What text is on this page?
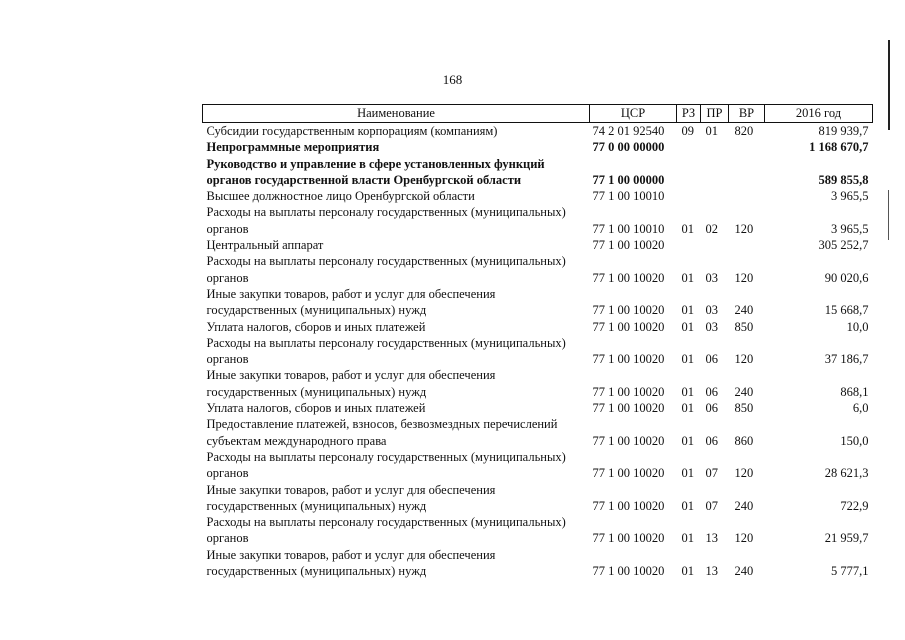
168
Наименование	ЦСР	РЗ	ПР	ВР	2016 год
Субсидии государственным корпорациям (компаниям)	74 2 01 92540	09	01	820	819 939,7
Непрограммные мероприятия	77 0 00 00000				1 168 670,7
Руководство и управление в сфере установленных функций органов государственной власти Оренбургской области	77 1 00 00000				589 855,8
Высшее должностное лицо Оренбургской области	77 1 00 10010				3 965,5
Расходы на выплаты персоналу государственных (муниципальных) органов	77 1 00 10010	01	02	120	3 965,5
Центральный аппарат	77 1 00 10020				305 252,7
Расходы на выплаты персоналу государственных (муниципальных) органов	77 1 00 10020	01	03	120	90 020,6
Иные закупки товаров, работ и услуг для обеспечения государственных (муниципальных) нужд	77 1 00 10020	01	03	240	15 668,7
Уплата налогов, сборов и иных платежей	77 1 00 10020	01	03	850	10,0
Расходы на выплаты персоналу государственных (муниципальных) органов	77 1 00 10020	01	06	120	37 186,7
Иные закупки товаров, работ и услуг для обеспечения государственных (муниципальных) нужд	77 1 00 10020	01	06	240	868,1
Уплата налогов, сборов и иных платежей	77 1 00 10020	01	06	850	6,0
Предоставление платежей, взносов, безвозмездных перечислений субъектам международного права	77 1 00 10020	01	06	860	150,0
Расходы на выплаты персоналу государственных (муниципальных) органов	77 1 00 10020	01	07	120	28 621,3
Иные закупки товаров, работ и услуг для обеспечения государственных (муниципальных) нужд	77 1 00 10020	01	07	240	722,9
Расходы на выплаты персоналу государственных (муниципальных) органов	77 1 00 10020	01	13	120	21 959,7
Иные закупки товаров, работ и услуг для обеспечения государственных (муниципальных) нужд	77 1 00 10020	01	13	240	5 777,1
